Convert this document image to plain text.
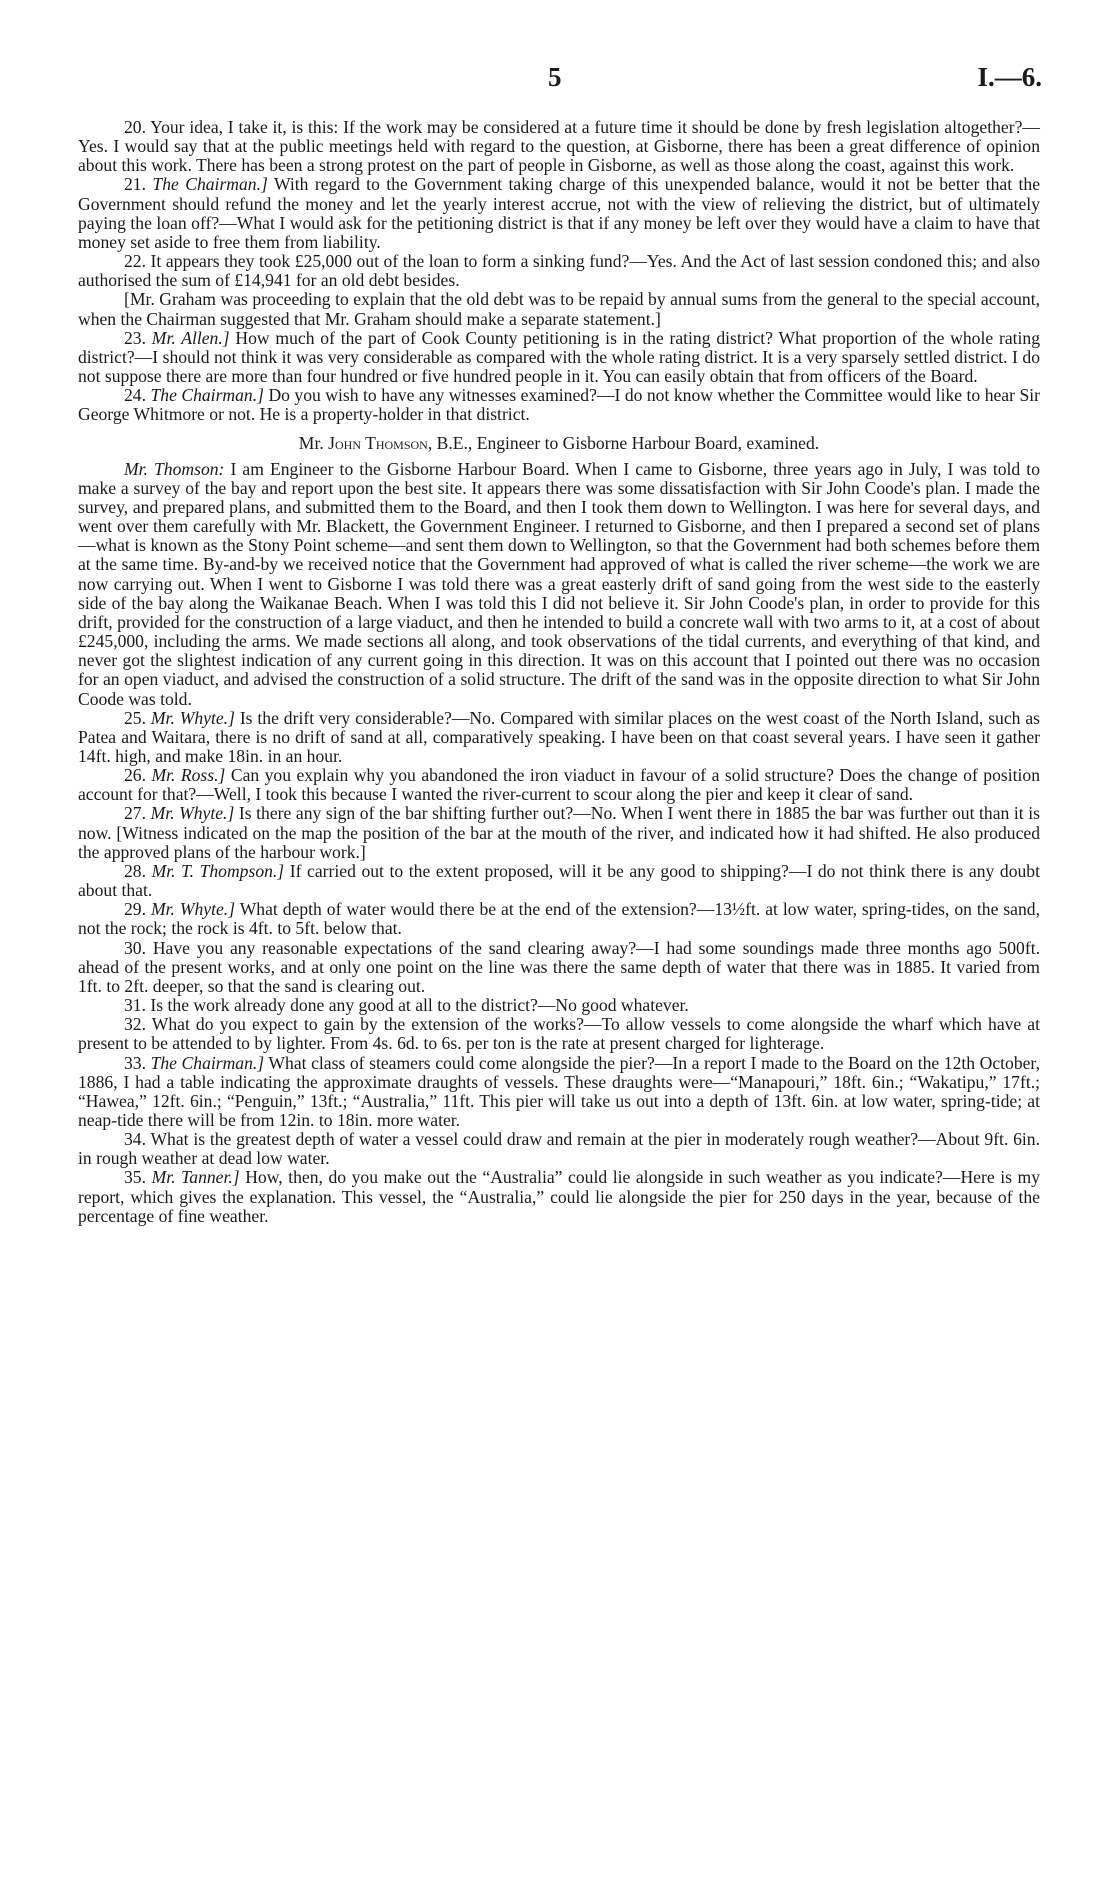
5	I.—6.

20. Your idea, I take it, is this: If the work may be considered at a future time it should be done by fresh legislation altogether?—Yes. I would say that at the public meetings held with regard to the question, at Gisborne, there has been a great difference of opinion about this work. There has been a strong protest on the part of people in Gisborne, as well as those along the coast, against this work.

21. The Chairman.] With regard to the Government taking charge of this unexpended balance, would it not be better that the Government should refund the money and let the yearly interest accrue, not with the view of relieving the district, but of ultimately paying the loan off?—What I would ask for the petitioning district is that if any money be left over they would have a claim to have that money set aside to free them from liability.

22. It appears they took £25,000 out of the loan to form a sinking fund?—Yes. And the Act of last session condoned this; and also authorised the sum of £14,941 for an old debt besides.

[Mr. Graham was proceeding to explain that the old debt was to be repaid by annual sums from the general to the special account, when the Chairman suggested that Mr. Graham should make a separate statement.]

23. Mr. Allen.] How much of the part of Cook County petitioning is in the rating district? What proportion of the whole rating district?—I should not think it was very considerable as compared with the whole rating district. It is a very sparsely settled district. I do not suppose there are more than four hundred or five hundred people in it. You can easily obtain that from officers of the Board.

24. The Chairman.] Do you wish to have any witnesses examined?—I do not know whether the Committee would like to hear Sir George Whitmore or not. He is a property-holder in that district.

Mr. John Thomson, B.E., Engineer to Gisborne Harbour Board, examined.

Mr. Thomson: I am Engineer to the Gisborne Harbour Board. When I came to Gisborne, three years ago in July, I was told to make a survey of the bay and report upon the best site. It appears there was some dissatisfaction with Sir John Coode's plan. I made the survey, and prepared plans, and submitted them to the Board, and then I took them down to Wellington. I was here for several days, and went over them carefully with Mr. Blackett, the Government Engineer. I returned to Gisborne, and then I prepared a second set of plans—what is known as the Stony Point scheme—and sent them down to Wellington, so that the Government had both schemes before them at the same time. By-and-by we received notice that the Government had approved of what is called the river scheme—the work we are now carrying out. When I went to Gisborne I was told there was a great easterly drift of sand going from the west side to the easterly side of the bay along the Waikanae Beach. When I was told this I did not believe it. Sir John Coode's plan, in order to provide for this drift, provided for the construction of a large viaduct, and then he intended to build a concrete wall with two arms to it, at a cost of about £245,000, including the arms. We made sections all along, and took observations of the tidal currents, and everything of that kind, and never got the slightest indication of any current going in this direction. It was on this account that I pointed out there was no occasion for an open viaduct, and advised the construction of a solid structure. The drift of the sand was in the opposite direction to what Sir John Coode was told.

25. Mr. Whyte.] Is the drift very considerable?—No. Compared with similar places on the west coast of the North Island, such as Patea and Waitara, there is no drift of sand at all, comparatively speaking. I have been on that coast several years. I have seen it gather 14ft. high, and make 18in. in an hour.

26. Mr. Ross.] Can you explain why you abandoned the iron viaduct in favour of a solid structure? Does the change of position account for that?—Well, I took this because I wanted the river-current to scour along the pier and keep it clear of sand.

27. Mr. Whyte.] Is there any sign of the bar shifting further out?—No. When I went there in 1885 the bar was further out than it is now. [Witness indicated on the map the position of the bar at the mouth of the river, and indicated how it had shifted. He also produced the approved plans of the harbour work.]

28. Mr. T. Thompson.] If carried out to the extent proposed, will it be any good to shipping?—I do not think there is any doubt about that.

29. Mr. Whyte.] What depth of water would there be at the end of the extension?—13½ft. at low water, spring-tides, on the sand, not the rock; the rock is 4ft. to 5ft. below that.

30. Have you any reasonable expectations of the sand clearing away?—I had some soundings made three months ago 500ft. ahead of the present works, and at only one point on the line was there the same depth of water that there was in 1885. It varied from 1ft. to 2ft. deeper, so that the sand is clearing out.

31. Is the work already done any good at all to the district?—No good whatever.

32. What do you expect to gain by the extension of the works?—To allow vessels to come alongside the wharf which have at present to be attended to by lighter. From 4s. 6d. to 6s. per ton is the rate at present charged for lighterage.

33. The Chairman.] What class of steamers could come alongside the pier?—In a report I made to the Board on the 12th October, 1886, I had a table indicating the approximate draughts of vessels. These draughts were—“Manapouri,” 18ft. 6in.; “Wakatipu,” 17ft.; “Hawea,” 12ft. 6in.; “Penguin,” 13ft.; “Australia,” 11ft. This pier will take us out into a depth of 13ft. 6in. at low water, spring-tide; at neap-tide there will be from 12in. to 18in. more water.

34. What is the greatest depth of water a vessel could draw and remain at the pier in moderately rough weather?—About 9ft. 6in. in rough weather at dead low water.

35. Mr. Tanner.] How, then, do you make out the “Australia” could lie alongside in such weather as you indicate?—Here is my report, which gives the explanation. This vessel, the “Australia,” could lie alongside the pier for 250 days in the year, because of the percentage of fine weather.
